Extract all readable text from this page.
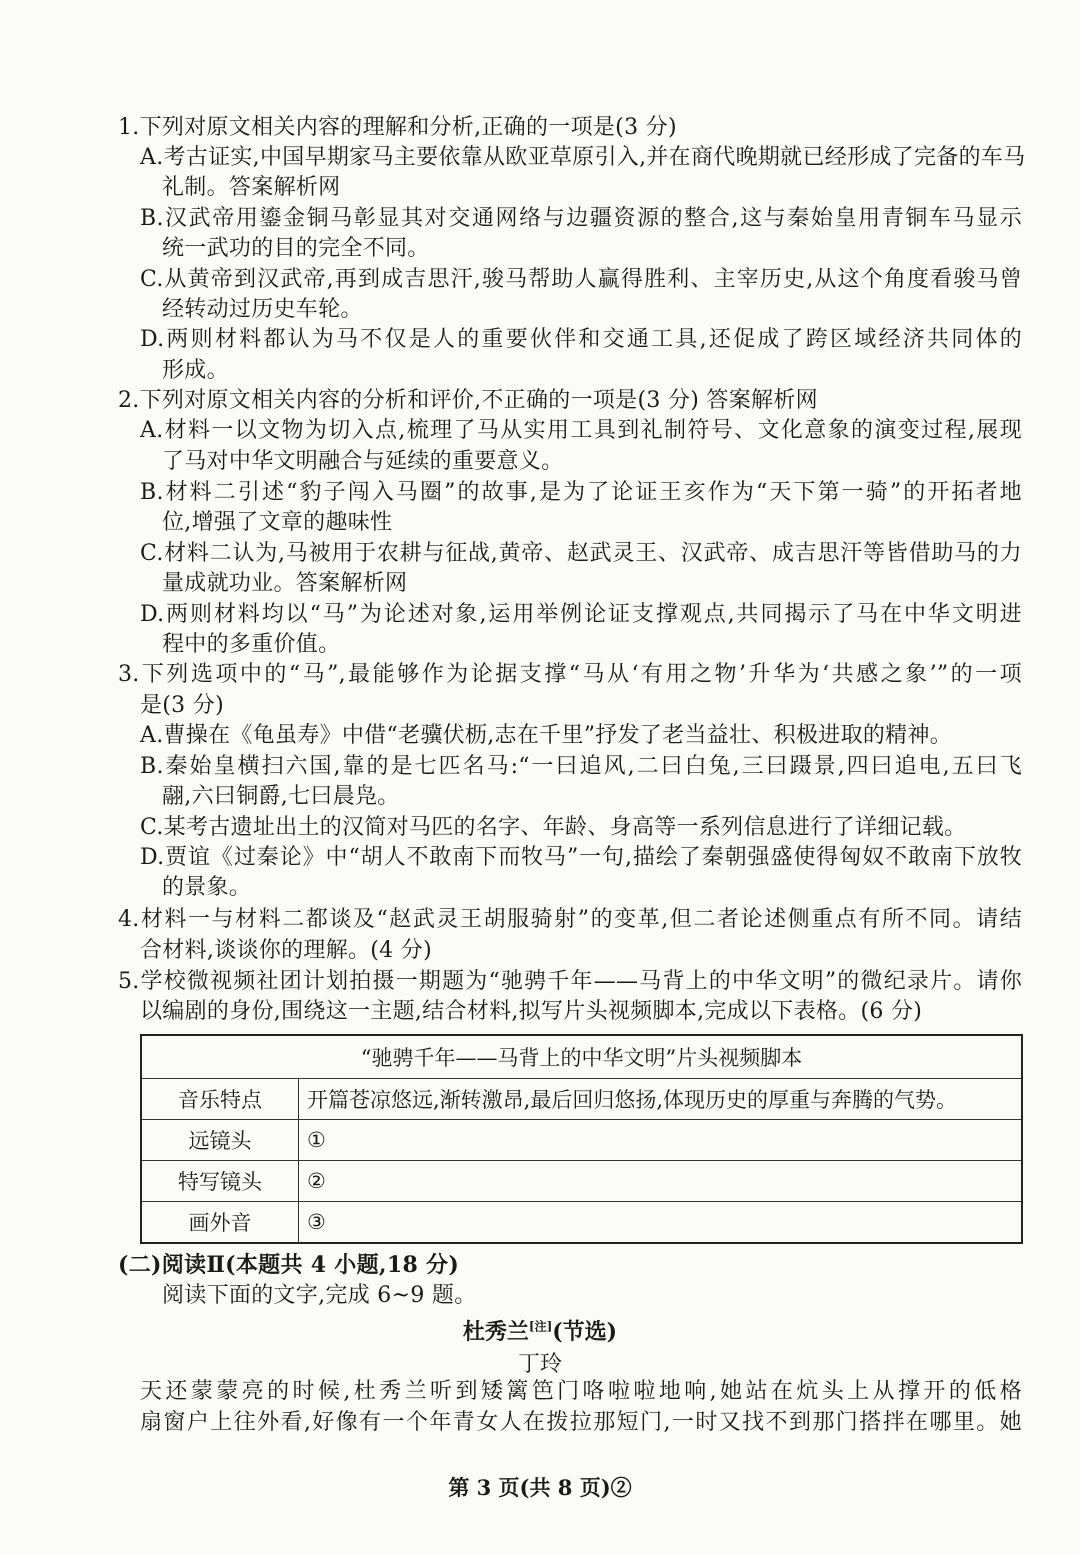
1.下列对原文相关内容的理解和分析,正确的一项是(3 分)
A.考古证实,中国早期家马主要依靠从欧亚草原引入,并在商代晚期就已经形成了完备的车马
礼制。答案解析网
B.汉武帝用鎏金铜马彰显其对交通网络与边疆资源的整合,这与秦始皇用青铜车马显示
统一武功的目的完全不同。
C.从黄帝到汉武帝,再到成吉思汗,骏马帮助人赢得胜利、主宰历史,从这个角度看骏马曾
经转动过历史车轮。
D.两则材料都认为马不仅是人的重要伙伴和交通工具,还促成了跨区域经济共同体的
形成。
2.下列对原文相关内容的分析和评价,不正确的一项是(3 分) 答案解析网
A.材料一以文物为切入点,梳理了马从实用工具到礼制符号、文化意象的演变过程,展现
了马对中华文明融合与延续的重要意义。
B.材料二引述“豹子闯入马圈”的故事,是为了论证王亥作为“天下第一骑”的开拓者地
位,增强了文章的趣味性
C.材料二认为,马被用于农耕与征战,黄帝、赵武灵王、汉武帝、成吉思汗等皆借助马的力
量成就功业。答案解析网
D.两则材料均以“马”为论述对象,运用举例论证支撑观点,共同揭示了马在中华文明进
程中的多重价值。
3.下列选项中的“马”,最能够作为论据支撑“马从‘有用之物’升华为‘共感之象’”的一项
是(3 分)
A.曹操在《龟虽寿》中借“老骥伏枥,志在千里”抒发了老当益壮、积极进取的精神。
B.秦始皇横扫六国,靠的是七匹名马:“一曰追风,二曰白兔,三曰蹑景,四曰追电,五曰飞
翮,六曰铜爵,七曰晨凫。
C.某考古遗址出土的汉简对马匹的名字、年龄、身高等一系列信息进行了详细记载。
D.贾谊《过秦论》中“胡人不敢南下而牧马”一句,描绘了秦朝强盛使得匈奴不敢南下放牧
的景象。
4.材料一与材料二都谈及“赵武灵王胡服骑射”的变革,但二者论述侧重点有所不同。请结
合材料,谈谈你的理解。(4 分)
5.学校微视频社团计划拍摄一期题为“驰骋千年——马背上的中华文明”的微纪录片。请你
以编剧的身份,围绕这一主题,结合材料,拟写片头视频脚本,完成以下表格。(6 分)
“驰骋千年——马背上的中华文明”片头视频脚本	
音乐特点	开篇苍凉悠远,渐转激昂,最后回归悠扬,体现历史的厚重与奔腾的气势。
远镜头	①
特写镜头	②
画外音	③
(二)阅读Ⅱ(本题共 4 小题,18 分)
阅读下面的文字,完成 6~9 题。
杜秀兰[注](节选)
丁玲
天还蒙蒙亮的时候,杜秀兰听到矮篱笆门咯啦啦地响,她站在炕头上从撑开的低格
扇窗户上往外看,好像有一个年青女人在拨拉那短门,一时又找不到那门搭拌在哪里。她
第 3 页(共 8 页)②
